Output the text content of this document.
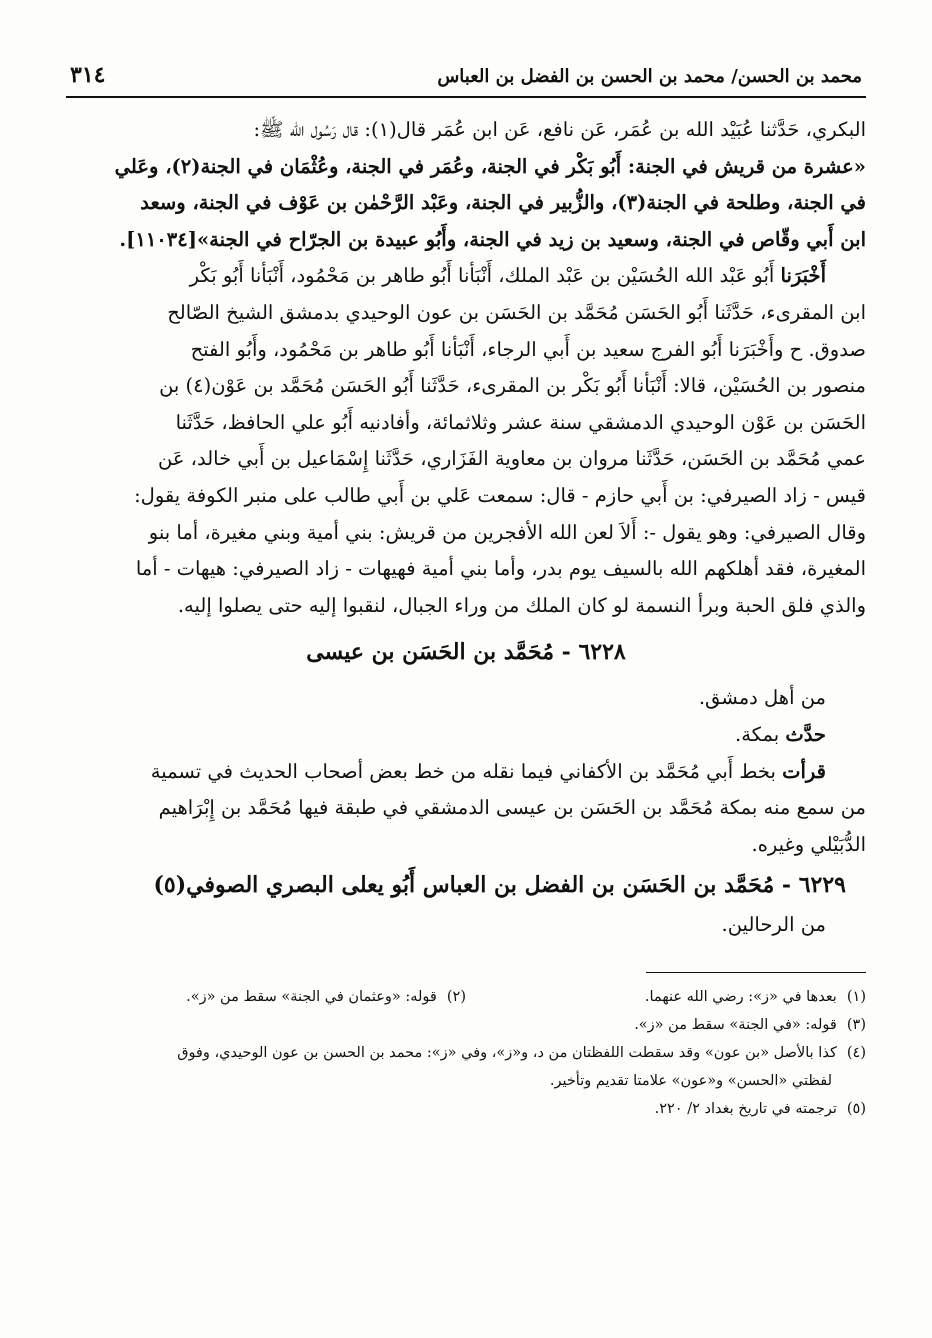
٣١٤	محمد بن الحسن/ محمد بن الحسن بن الفضل بن العباس

البكري، حَدَّثنا عُبَيْد الله بن عُمَر، عَن نافع، عَن ابن عُمَر قال(١): قال رَسُول الله ﷺ:

«عشرة من قريش في الجنة: أَبُو بَكْر في الجنة، وعُمَر في الجنة، وعُثْمَان في الجنة(٢)، وعَلي

في الجنة، وطلحة في الجنة(٣)، والزُّبير في الجنة، وعَبْد الرَّحْمٰن بن عَوْف في الجنة، وسعد

ابن أَبي وقّاص في الجنة، وسعيد بن زيد في الجنة، وأَبُو عبيدة بن الجرّاح في الجنة»[١١٠٣٤].

أَخْبَرَنا أَبُو عَبْد الله الحُسَيْن بن عَبْد الملك، أَنْبَأنا أَبُو طاهر بن مَحْمُود، أَنْبَأنا أَبُو بَكْر

ابن المقرىء، حَدَّثَنا أَبُو الحَسَن مُحَمَّد بن الحَسَن بن عون الوحيدي بدمشق الشيخ الصّالح

صدوق. ح وأَخْبَرَنا أَبُو الفرج سعيد بن أَبي الرجاء، أَنْبَأنا أَبُو طاهر بن مَحْمُود، وأَبُو الفتح

منصور بن الحُسَيْن، قالا: أَنْبَأنا أَبُو بَكْر بن المقرىء، حَدَّثَنا أَبُو الحَسَن مُحَمَّد بن عَوْن(٤) بن

الحَسَن بن عَوْن الوحيدي الدمشقي سنة عشر وثلاثمائة، وأفادنيه أَبُو علي الحافظ، حَدَّثَنا

عمي مُحَمَّد بن الحَسَن، حَدَّثَنا مروان بن معاوية الفَزَاري، حَدَّثَنا إِسْمَاعيل بن أَبي خالد، عَن

قيس - زاد الصيرفي: بن أَبي حازم - قال: سمعت عَلي بن أَبي طالب على منبر الكوفة يقول:

وقال الصيرفي: وهو يقول -: أَلاَ لعن الله الأفجرين من قريش: بني أمية وبني مغيرة، أما بنو

المغيرة، فقد أهلكهم الله بالسيف يوم بدر، وأما بني أمية فهيهات - زاد الصيرفي: هيهات - أما

والذي فلق الحبة وبرأ النسمة لو كان الملك من وراء الجبال، لنقبوا إليه حتى يصلوا إليه.

٦٢٢٨ - مُحَمَّد بن الحَسَن بن عيسى

من أهل دمشق.

حدَّث بمكة.

قرأت بخط أَبي مُحَمَّد بن الأكفاني فيما نقله من خط بعض أصحاب الحديث في تسمية

من سمع منه بمكة مُحَمَّد بن الحَسَن بن عيسى الدمشقي في طبقة فيها مُحَمَّد بن إِبْرَاهيم

الدُّبَيْلي وغيره.

٦٢٢٩ - مُحَمَّد بن الحَسَن بن الفضل بن العباس أَبُو يعلى البصري الصوفي(٥)

من الرحالين.

(١)بعدها في «ز»: رضي الله عنهما.
(٢)قوله: «وعثمان في الجنة» سقط من «ز».
(٣)قوله: «في الجنة» سقط من «ز».
(٤)كذا بالأصل «بن عون» وقد سقطت اللفظتان من د، و«ز»، وفي «ز»: محمد بن الحسن بن عون الوحيدي، وفوق
لفظتي «الحسن» و«عون» علامتا تقديم وتأخير.
(٥)ترجمته في تاريخ بغداد ٢/ ٢٢٠.
